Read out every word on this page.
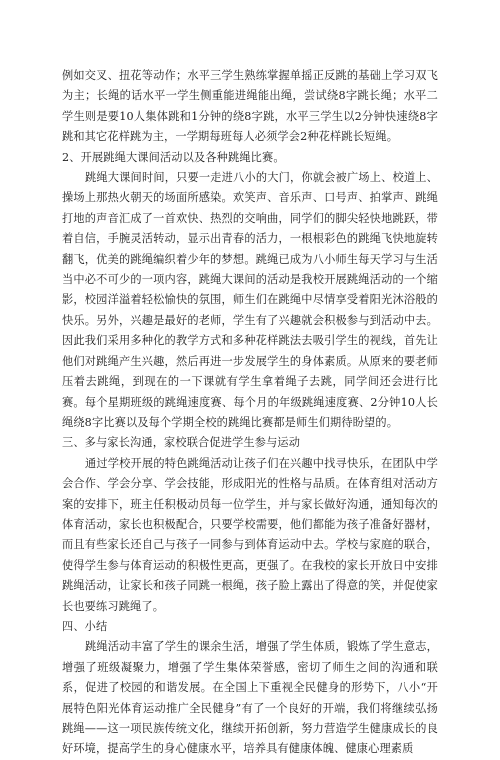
例如交叉、扭花等动作；水平三学生熟练掌握单摇正反跳的基础上学习双飞为主；长绳的话水平一学生侧重能进绳能出绳，尝试绕8字跳长绳；水平二学生则是要10人集体跳和1分钟的绕8字跳，水平三学生以2分钟快速绕8字跳和其它花样跳为主，一学期每班每人必须学会2种花样跳长短绳。

2、开展跳绳大课间活动以及各种跳绳比赛。

跳绳大课间时间，只要一走进八小的大门，你就会被广场上、校道上、操场上那热火朝天的场面所感染。欢笑声、音乐声、口号声、拍掌声、跳绳打地的声音汇成了一首欢快、热烈的交响曲，同学们的脚尖轻快地跳跃，带着自信，手腕灵活转动，显示出青春的活力，一根根彩色的跳绳飞快地旋转翻飞，优美的跳绳编织着少年的梦想。跳绳已成为八小师生每天学习与生活当中必不可少的一项内容，跳绳大课间的活动是我校开展跳绳活动的一个缩影，校园洋溢着轻松愉快的氛围，师生们在跳绳中尽情享受着阳光沐浴般的快乐。另外，兴趣是最好的老师，学生有了兴趣就会积极参与到活动中去。因此我们采用多种化的教学方式和多种花样跳法去吸引学生的视线，首先让他们对跳绳产生兴趣，然后再进一步发展学生的身体素质。从原来的要老师压着去跳绳，到现在的一下课就有学生拿着绳子去跳，同学间还会进行比赛。每个星期班级的跳绳速度赛、每个月的年级跳绳速度赛、2分钟10人长绳绕8字比赛以及每个学期全校的跳绳比赛都是师生们期待盼望的。

三、多与家长沟通，家校联合促进学生参与运动

通过学校开展的特色跳绳活动让孩子们在兴趣中找寻快乐，在团队中学会合作、学会分享、学会技能，形成阳光的性格与品质。在体育组对活动方案的安排下，班主任积极动员每一位学生，并与家长做好沟通，通知每次的体育活动，家长也积极配合，只要学校需要，他们都能为孩子准备好器材，而且有些家长还自己与孩子一同参与到体育运动中去。学校与家庭的联合，使得学生参与体育运动的积极性更高，更强了。在我校的家长开放日中安排跳绳活动，让家长和孩子同跳一根绳，孩子脸上露出了得意的笑，并促使家长也要练习跳绳了。

四、小结

跳绳活动丰富了学生的课余生活，增强了学生体质，锻炼了学生意志，增强了班级凝聚力，增强了学生集体荣誉感，密切了师生之间的沟通和联系，促进了校园的和谐发展。在全国上下重视全民健身的形势下，八小“开展特色阳光体育运动推广全民健身”有了一个良好的开端，我们将继续弘扬跳绳——这一项民族传统文化，继续开拓创新，努力营造学生健康成长的良好环境，提高学生的身心健康水平，培养具有健康体魄、健康心理素质
